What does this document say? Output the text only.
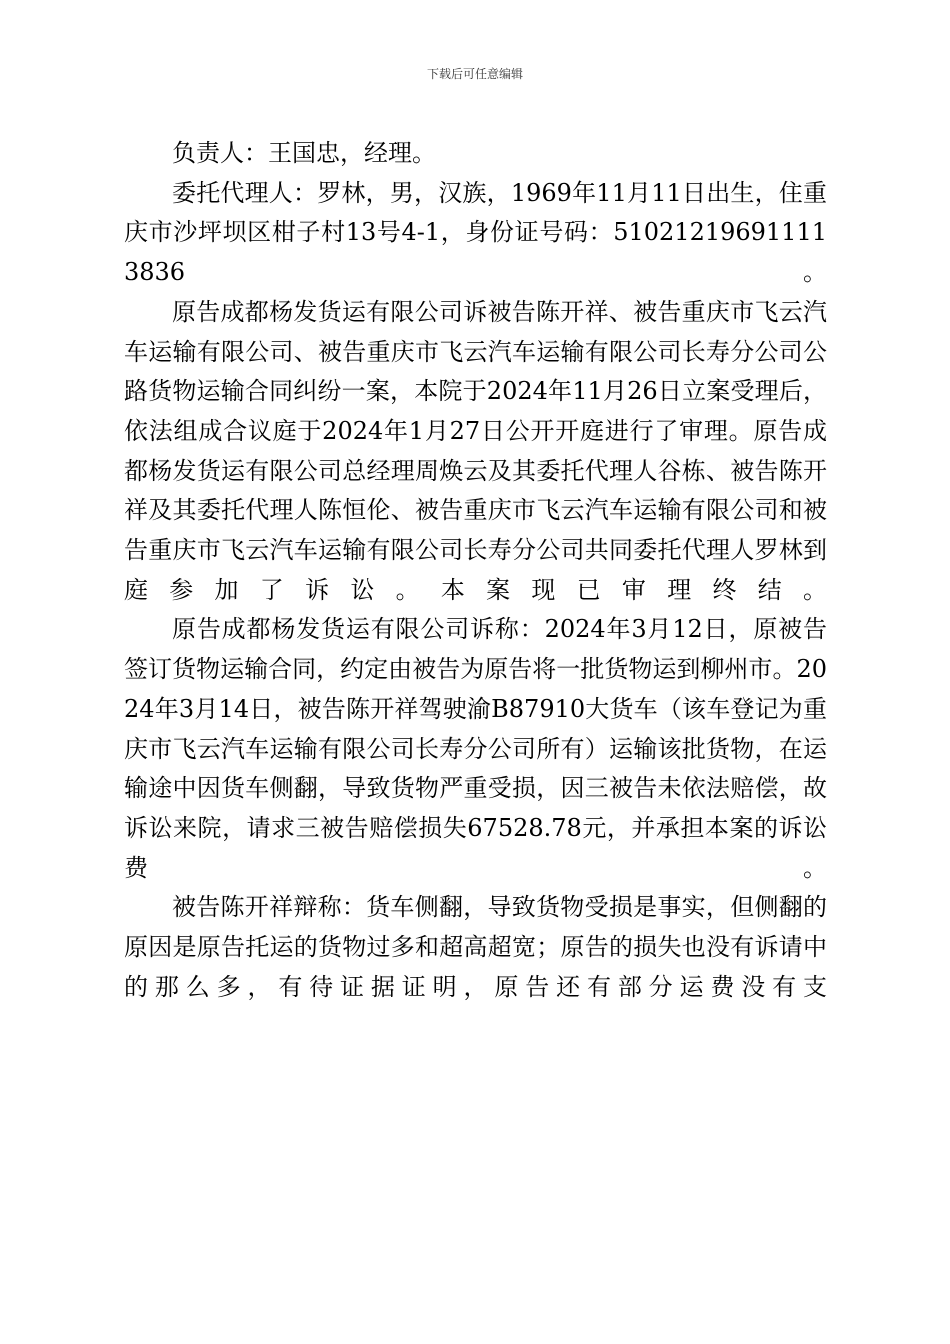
下载后可任意编辑

负责人：王国忠，经理。

委托代理人：罗林，男，汉族，1969年11月11日出生，住重庆市沙坪坝区柑子村13号4-1，身份证号码：510212196911113836。

原告成都杨发货运有限公司诉被告陈开祥、被告重庆市飞云汽车运输有限公司、被告重庆市飞云汽车运输有限公司长寿分公司公路货物运输合同纠纷一案，本院于2024年11月26日立案受理后，依法组成合议庭于2024年1月27日公开开庭进行了审理。原告成都杨发货运有限公司总经理周焕云及其委托代理人谷栋、被告陈开祥及其委托代理人陈恒伦、被告重庆市飞云汽车运输有限公司和被告重庆市飞云汽车运输有限公司长寿分公司共同委托代理人罗林到庭参加了诉讼。本案现已审理终结。

原告成都杨发货运有限公司诉称：2024年3月12日，原被告签订货物运输合同，约定由被告为原告将一批货物运到柳州市。2024年3月14日，被告陈开祥驾驶渝B87910大货车（该车登记为重庆市飞云汽车运输有限公司长寿分公司所有）运输该批货物，在运输途中因货车侧翻，导致货物严重受损，因三被告未依法赔偿，故诉讼来院，请求三被告赔偿损失67528.78元，并承担本案的诉讼费。

被告陈开祥辩称：货车侧翻，导致货物受损是事实，但侧翻的原因是原告托运的货物过多和超高超宽；原告的损失也没有诉请中的那么多，有待证据证明，原告还有部分运费没有支
